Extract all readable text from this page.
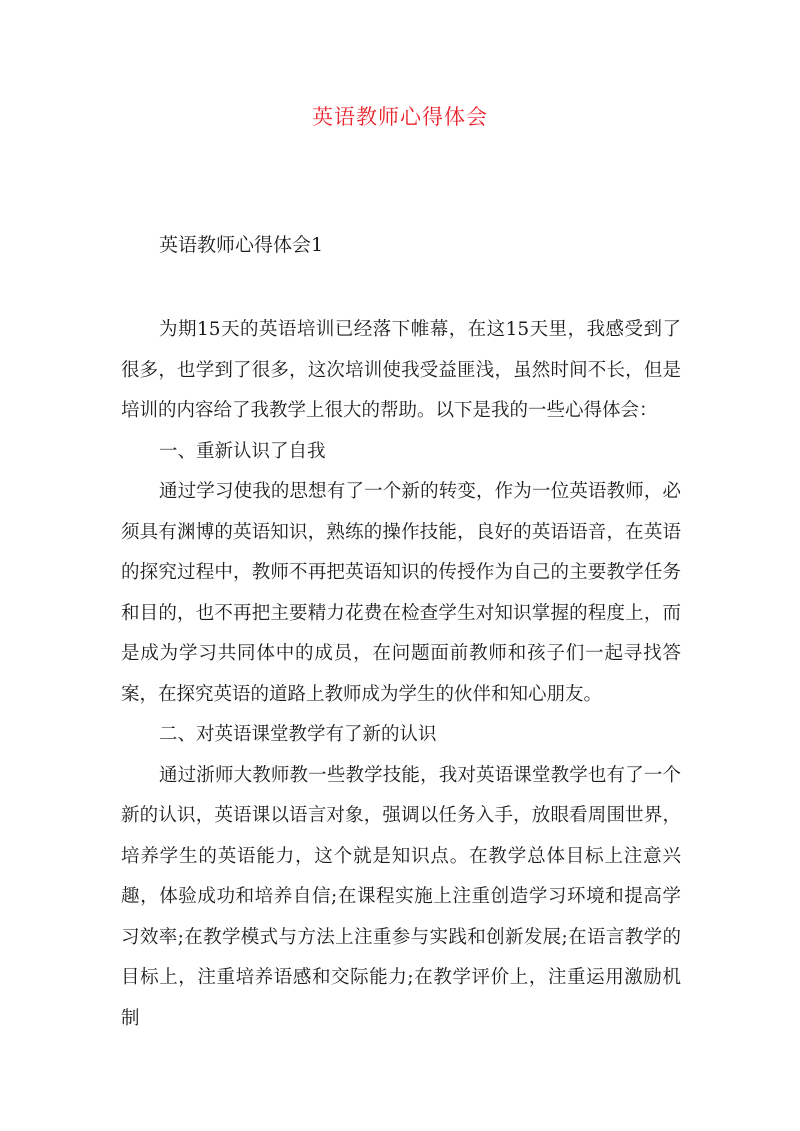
英语教师心得体会
英语教师心得体会1

为期15天的英语培训已经落下帷幕，在这15天里，我感受到了很多，也学到了很多，这次培训使我受益匪浅，虽然时间不长，但是培训的内容给了我教学上很大的帮助。以下是我的一些心得体会：

一、重新认识了自我

通过学习使我的思想有了一个新的转变，作为一位英语教师，必须具有渊博的英语知识，熟练的操作技能，良好的英语语音，在英语的探究过程中，教师不再把英语知识的传授作为自己的主要教学任务和目的，也不再把主要精力花费在检查学生对知识掌握的程度上，而是成为学习共同体中的成员，在问题面前教师和孩子们一起寻找答案，在探究英语的道路上教师成为学生的伙伴和知心朋友。

二、对英语课堂教学有了新的认识

通过浙师大教师教一些教学技能，我对英语课堂教学也有了一个新的认识，英语课以语言对象，强调以任务入手，放眼看周围世界，培养学生的英语能力，这个就是知识点。在教学总体目标上注意兴趣，体验成功和培养自信;在课程实施上注重创造学习环境和提高学习效率;在教学模式与方法上注重参与实践和创新发展;在语言教学的目标上，注重培养语感和交际能力;在教学评价上，注重运用激励机制
